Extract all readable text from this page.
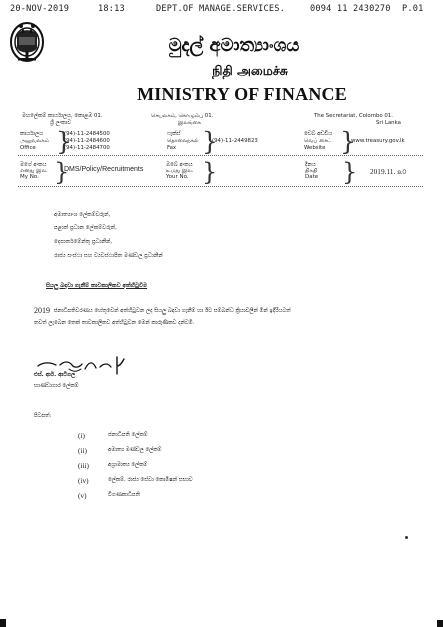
20-NOV-2019	18:13	DEPT.OF MANAGE.SERVICES.	0094 11 2430270 P.01
මුදල් අමාත්‍යාංශය
நிதி அமைச்சு
MINISTRY OF FINANCE
මහලේකම් කාර්යාලය, කොළඹ 01.
ශ්‍රී ලංකාව
செயலகம், கொழும்பு 01.
இலங்கை
The Secretariat, Colombo 01.
Sri Lanka
කාර්යාලය
அலுவலகம்
Office }
(94)-11-2484500
(94)-11-2484600
(94)-11-2484700
ෆැක්ස්
தொலைநகல்
Fax }
(94)-11-2449823
වෙබ් අඩවිය
வெப் சைட்
Website }
www.treasury.gov.lk
මගේ අංකය
எனது இல.
My No. }
DMS/Policy/Recruitments
ඔබේ අංකය
உமது இல.
Your No. }	දිනය
திகதி
Date } 2019.11. ௨௦
අමාත්‍යාංශ ලේකම්වරුන්,
පළාත් ප්‍රධාන ලේකම්වරුන්,
දෙපාර්තමේන්තු ප්‍රධානීන්,
රාජ්‍ය සංස්ථා සහ ව්‍යවස්ථාපිත මණ්ඩල ප්‍රධානීන්
සියලු බඳවා ගැනීම් තාවකාලිකව අත්හිටුවීම
2019 ජනාධිපතිවරණය හේතුවෙන් අත්හිටුවන ලද සියලු බඳවා ගැනීම් හා ඊට සම්බන්ධ ක්‍රියාවලීන් මින් ඉදිරියටත්
තවත් ලැබෙන තෙක් තාවකාලිකව අත්හිටුවන මෙන් කාරුණිකව දන්වමි.
එස්. ආර්. ආටිගල
භාණ්ඩාගාර ලේකම්
පිටපත්:
(i)	ජනාධිපති ලේකම්
(ii)	අමාත්‍ය මණ්ඩල ලේකම්
(iii)	අග්‍රාමාත්‍ය ලේකම්
(iv)	ලේකම්, රාජ්‍ය සේවා කොමිෂන් සභාව
(v)	විගණකාධිපති
